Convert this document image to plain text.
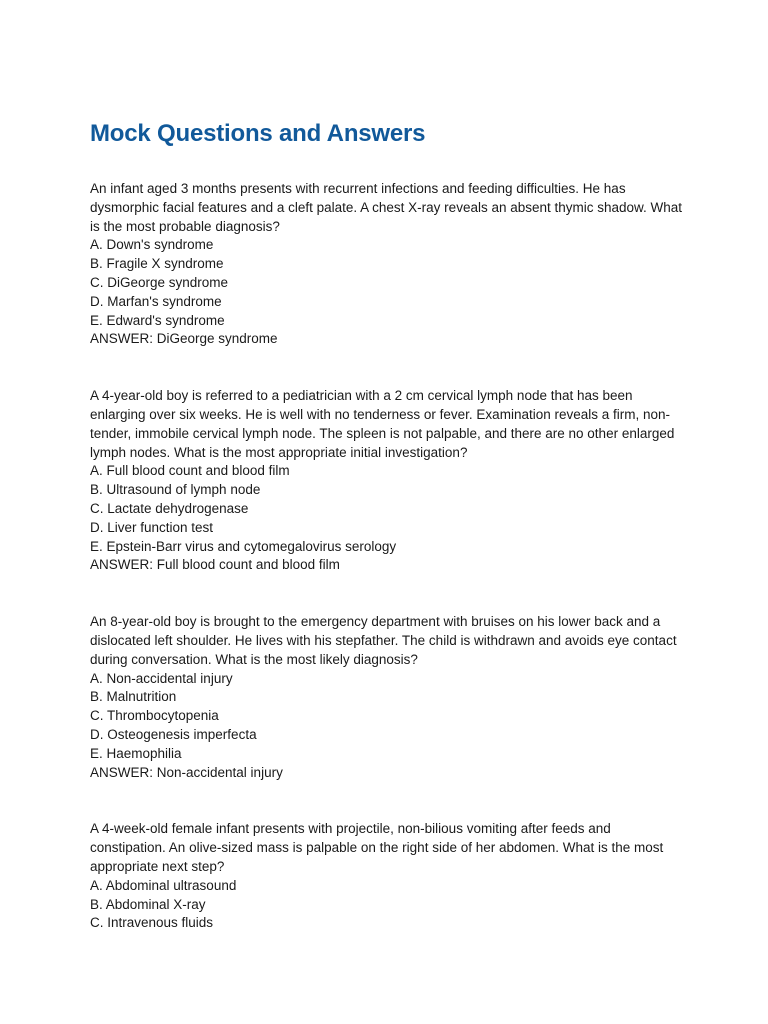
Mock Questions and Answers
An infant aged 3 months presents with recurrent infections and feeding difficulties. He has dysmorphic facial features and a cleft palate. A chest X-ray reveals an absent thymic shadow. What is the most probable diagnosis?
A. Down's syndrome
B. Fragile X syndrome
C. DiGeorge syndrome
D. Marfan's syndrome
E. Edward's syndrome
ANSWER: DiGeorge syndrome
A 4-year-old boy is referred to a pediatrician with a 2 cm cervical lymph node that has been enlarging over six weeks. He is well with no tenderness or fever. Examination reveals a firm, non-tender, immobile cervical lymph node. The spleen is not palpable, and there are no other enlarged lymph nodes. What is the most appropriate initial investigation?
A. Full blood count and blood film
B. Ultrasound of lymph node
C. Lactate dehydrogenase
D. Liver function test
E. Epstein-Barr virus and cytomegalovirus serology
ANSWER: Full blood count and blood film
An 8-year-old boy is brought to the emergency department with bruises on his lower back and a dislocated left shoulder. He lives with his stepfather. The child is withdrawn and avoids eye contact during conversation. What is the most likely diagnosis?
A. Non-accidental injury
B. Malnutrition
C. Thrombocytopenia
D. Osteogenesis imperfecta
E. Haemophilia
ANSWER: Non-accidental injury
A 4-week-old female infant presents with projectile, non-bilious vomiting after feeds and constipation. An olive-sized mass is palpable on the right side of her abdomen. What is the most appropriate next step?
A. Abdominal ultrasound
B. Abdominal X-ray
C. Intravenous fluids
